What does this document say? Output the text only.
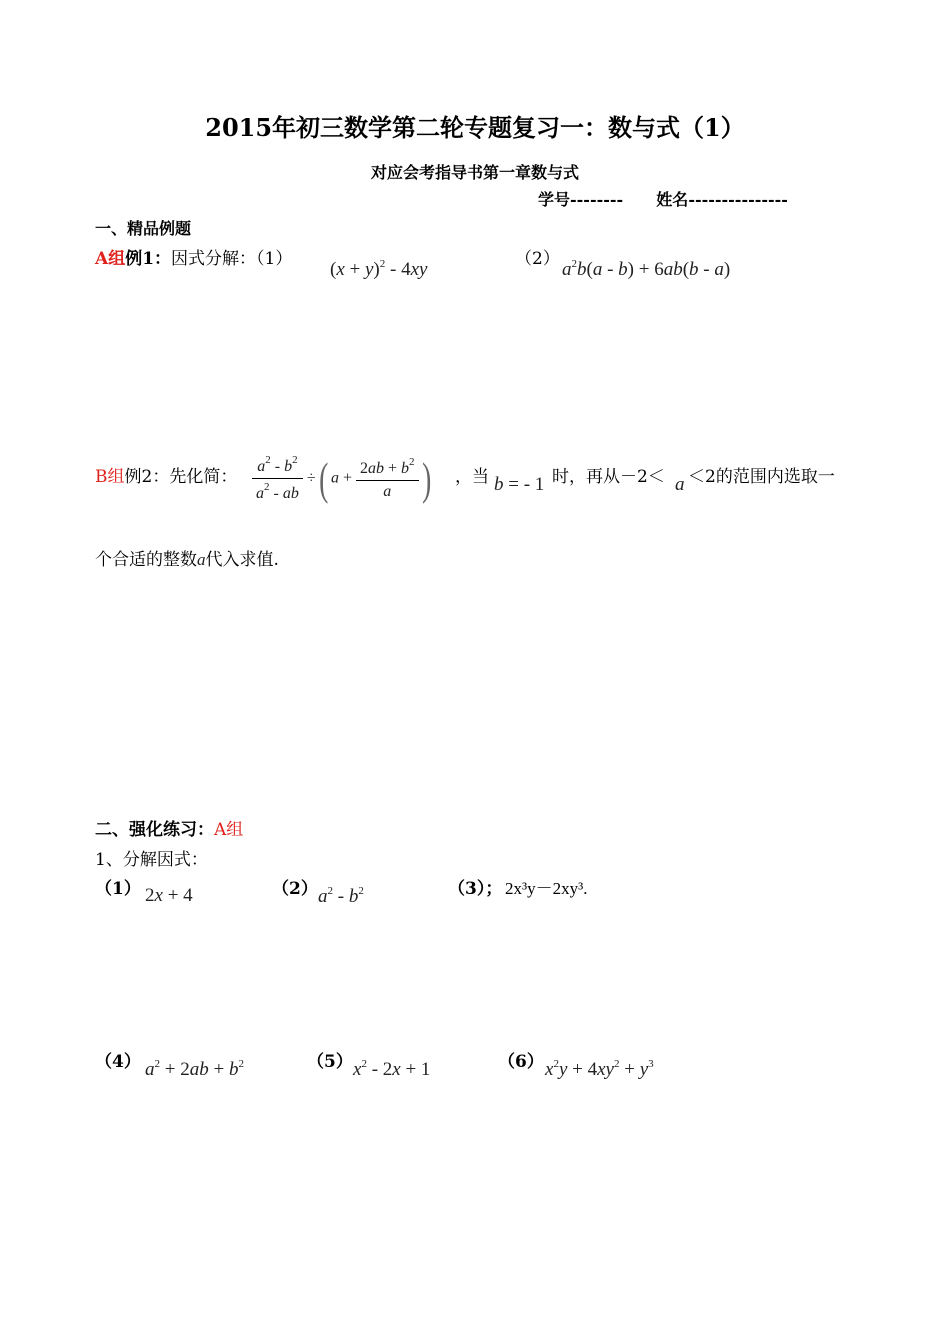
2015年初三数学第二轮专题复习一：数与式（1）
对应会考指导书第一章数与式
学号-------- 姓名---------------
一、精品例题
A组例1：因式分解：（1） $(x + y)^2 - 4xy$	（2） $a^2b(a - b) + 6ab(b - a)$
B组例2：先化简： $\frac{a^2 - b^2}{a^2 - ab}$ ÷( $a + \frac{2ab + b^2}{a}$ ) ，当 b = - 1 时，再从－2＜ a ＜2的范围内选取一
个合适的整数a代入求值.
二、强化练习：A组
1、分解因式：
（1） 2x + 4	（2） $a^2 - b^2$	（3）； 2x³y－2xy³.
（4） $a^2 + 2ab + b^2$	（5） $x^2 - 2x + 1$	（6） $x^2y + 4xy^2 + y^3$
